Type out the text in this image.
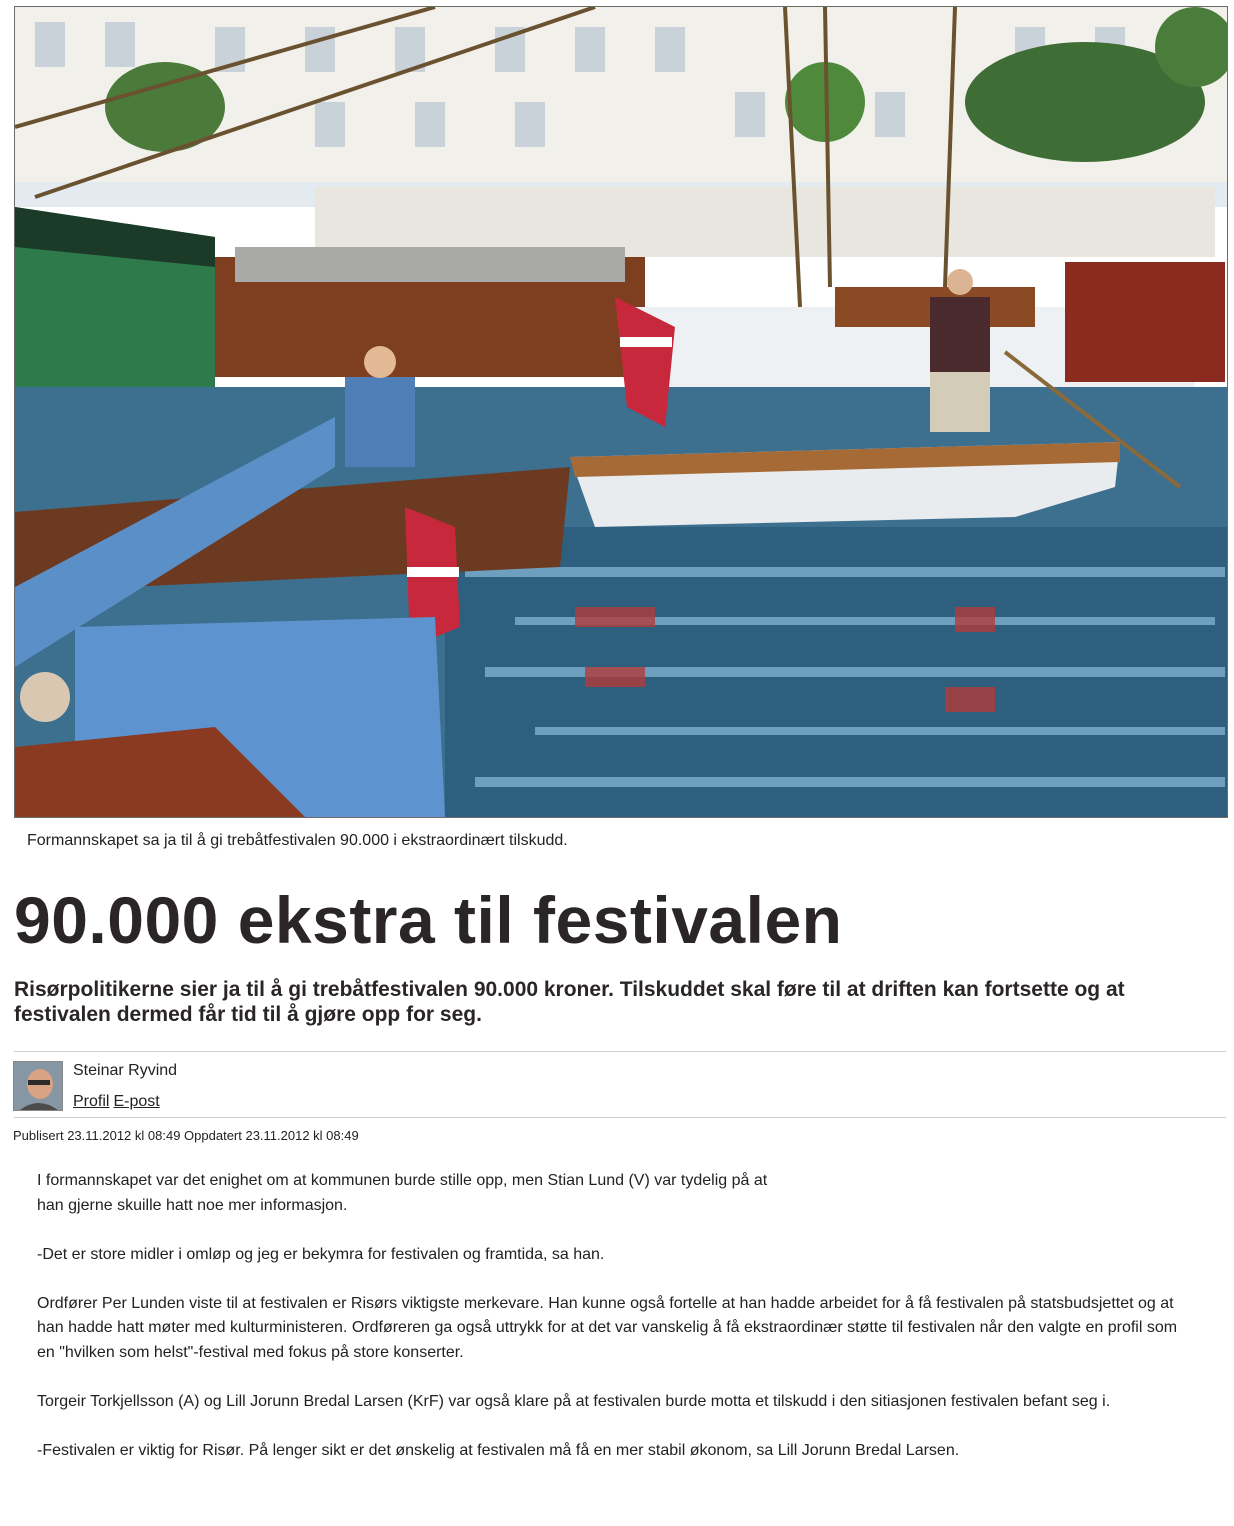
Formannskapet sa ja til å gi trebåtfestivalen 90.000 i ekstraordinært tilskudd.
90.000 ekstra til festivalen

Risørpolitikerne sier ja til å gi trebåtfestivalen 90.000 kroner. Tilskuddet skal føre til at driften kan fortsette og at festivalen dermed får tid til å gjøre opp for seg.

Steinar Ryvind
Profil E-post
Publisert 23.11.2012 kl 08:49 Oppdatert 23.11.2012 kl 08:49

I formannskapet var det enighet om at kommunen burde stille opp, men Stian Lund (V) var tydelig på at han gjerne skuille hatt noe mer informasjon.

-Det er store midler i omløp og jeg er bekymra for festivalen og framtida, sa han.

Ordfører Per Lunden viste til at festivalen er Risørs viktigste merkevare. Han kunne også fortelle at han hadde arbeidet for å få festivalen på statsbudsjettet og at han hadde hatt møter med kulturministeren. Ordføreren ga også uttrykk for at det var vanskelig å få ekstraordinær støtte til festivalen når den valgte en profil som en "hvilken som helst"-festival med fokus på store konserter.

Torgeir Torkjellsson (A) og Lill Jorunn Bredal Larsen (KrF) var også klare på at festivalen burde motta et tilskudd i den sitiasjonen festivalen befant seg i.

-Festivalen er viktig for Risør. På lenger sikt er det ønskelig at festivalen må få en mer stabil økonom, sa Lill Jorunn Bredal Larsen.
